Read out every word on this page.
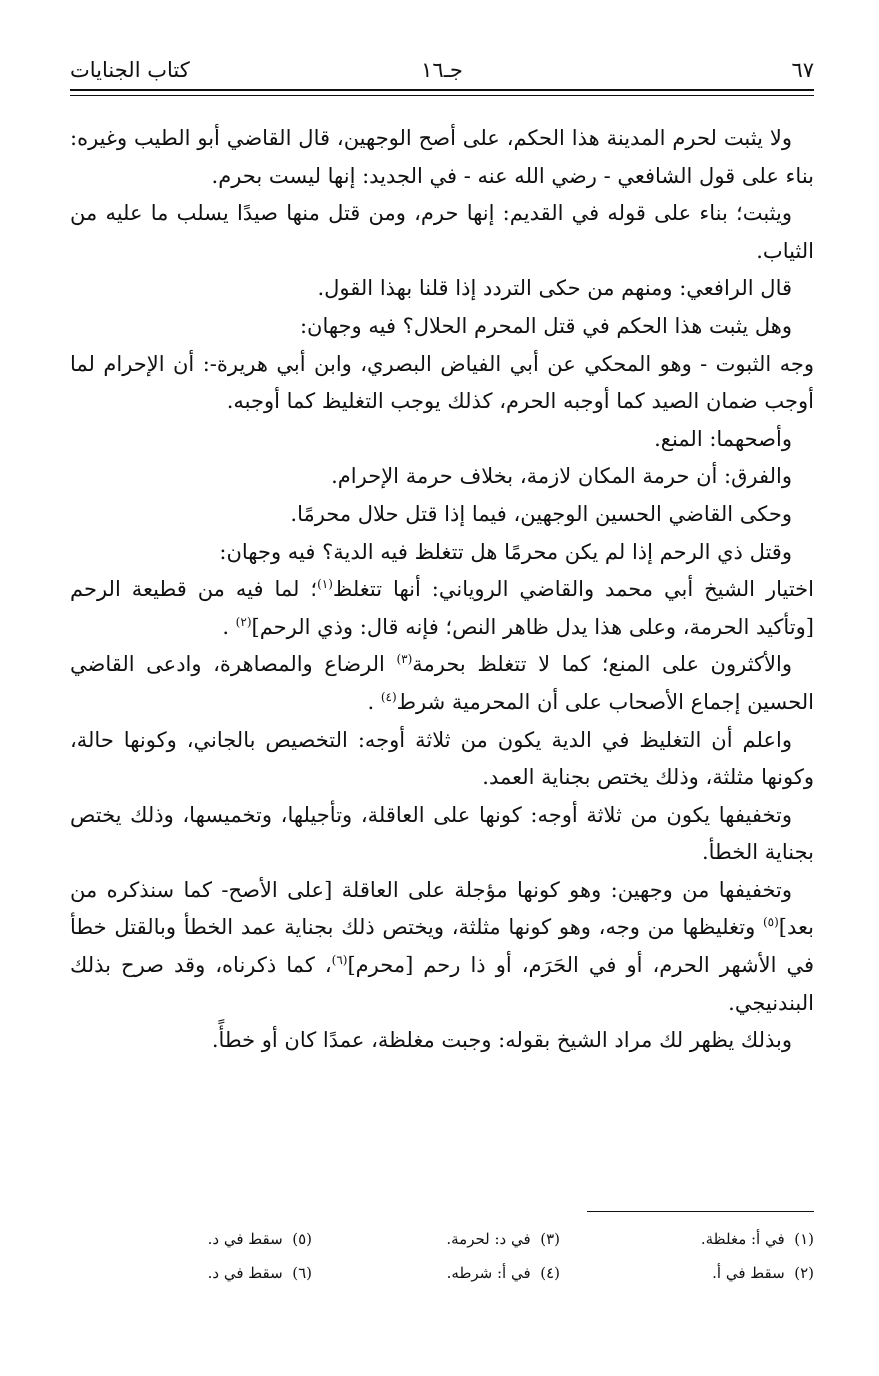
٦٧
جـ١٦
كتاب الجنايات

ولا يثبت لحرم المدينة هذا الحكم، على أصح الوجهين، قال القاضي أبو الطيب وغيره: بناء على قول الشافعي - رضي الله عنه - في الجديد: إنها ليست بحرم.

ويثبت؛ بناء على قوله في القديم: إنها حرم، ومن قتل منها صيدًا يسلب ما عليه من الثياب.

قال الرافعي: ومنهم من حكى التردد إذا قلنا بهذا القول.

وهل يثبت هذا الحكم في قتل المحرم الحلال؟ فيه وجهان:

وجه الثبوت - وهو المحكي عن أبي الفياض البصري، وابن أبي هريرة-: أن الإحرام لما أوجب ضمان الصيد كما أوجبه الحرم، كذلك يوجب التغليظ كما أوجبه.

وأصحهما: المنع.

والفرق: أن حرمة المكان لازمة، بخلاف حرمة الإحرام.

وحكى القاضي الحسين الوجهين، فيما إذا قتل حلال محرمًا.

وقتل ذي الرحم إذا لم يكن محرمًا هل تتغلظ فيه الدية؟ فيه وجهان:

اختيار الشيخ أبي محمد والقاضي الروياني: أنها تتغلظ$^{(١)}$؛ لما فيه من قطيعة الرحم [وتأكيد الحرمة، وعلى هذا يدل ظاهر النص؛ فإنه قال: وذي الرحم]$^{(٢)}$ .

والأكثرون على المنع؛ كما لا تتغلظ بحرمة$^{(٣)}$ الرضاع والمصاهرة، وادعى القاضي الحسين إجماع الأصحاب على أن المحرمية شرط$^{(٤)}$ .

واعلم أن التغليظ في الدية يكون من ثلاثة أوجه: التخصيص بالجاني، وكونها حالة، وكونها مثلثة، وذلك يختص بجناية العمد.

وتخفيفها يكون من ثلاثة أوجه: كونها على العاقلة، وتأجيلها، وتخميسها، وذلك يختص بجناية الخطأ.

وتخفيفها من وجهين: وهو كونها مؤجلة على العاقلة [على الأصح- كما سنذكره من بعد]$^{(٥)}$ وتغليظها من وجه، وهو كونها مثلثة، ويختص ذلك بجناية عمد الخطأ وبالقتل خطأ في الأشهر الحرم، أو في الحَرَم، أو ذا رحم [محرم]$^{(٦)}$، كما ذكرناه، وقد صرح بذلك البندنيجي.

وبذلك يظهر لك مراد الشيخ بقوله: وجبت مغلظة، عمدًا كان أو خطأً.

(١)  في أ: مغلظة.
(٣)  في د: لحرمة.
(٥)  سقط في د.
(٢)  سقط في أ.
(٤)  في أ: شرطه.
(٦)  سقط في د.
